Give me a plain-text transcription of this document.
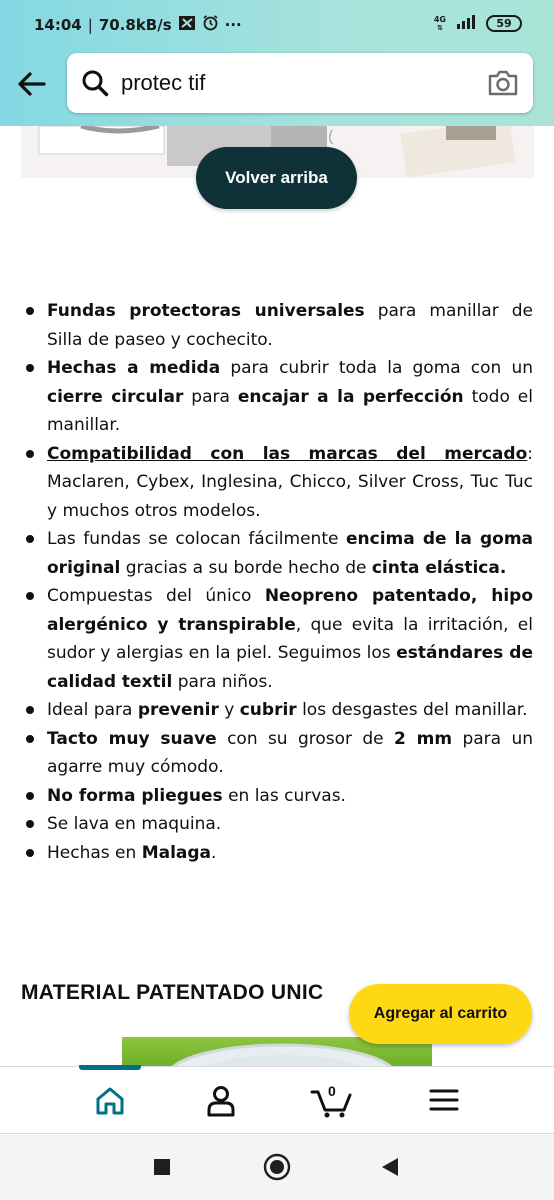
14:04 | 70.8kB/s	···	4G
⇅	59
protec tif
Volver arriba
Fundas protectoras universales para manillar de Silla de paseo y cochecito.
Hechas a medida para cubrir toda la goma con un cierre circular para encajar a la perfección todo el manillar.
Compatibilidad con las marcas del mercado: Maclaren, Cybex, Inglesina, Chicco, Silver Cross, Tuc Tuc y muchos otros modelos.
Las fundas se colocan fácilmente encima de la goma original gracias a su borde hecho de cinta elástica.
Compuestas del único Neopreno patentado, hipo alergénico y transpirable, que evita la irritación, el sudor y alergias en la piel. Seguimos los estándares de calidad textil para niños.
Ideal para prevenir y cubrir los desgastes del manillar.
Tacto muy suave con su grosor de 2 mm para un agarre muy cómodo.
No forma pliegues en las curvas.
Se lava en maquina.
Hechas en Malaga.
MATERIAL PATENTADO UNIC
Agregar al carrito
0
